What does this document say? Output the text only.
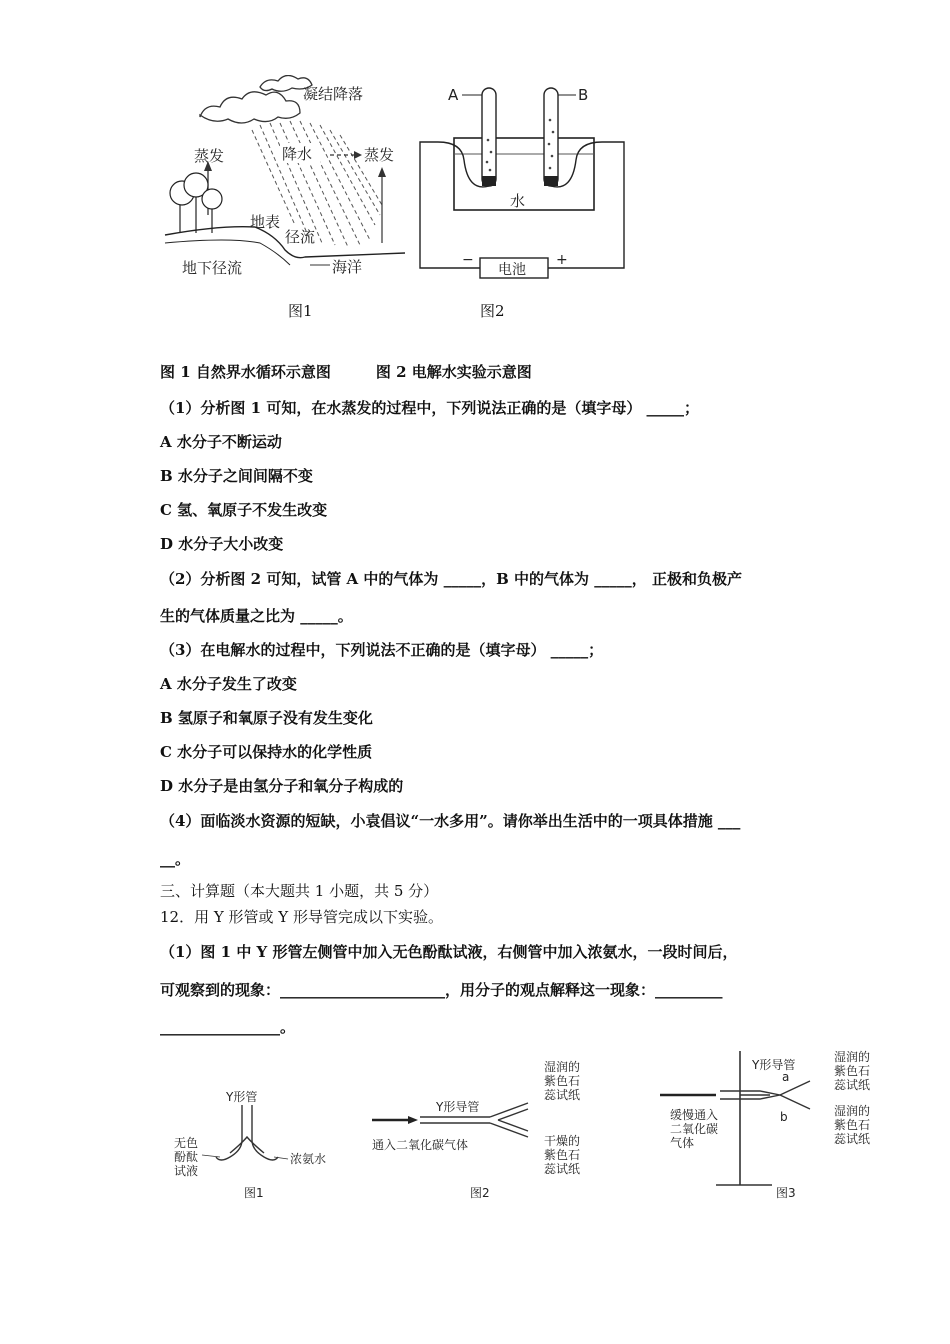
凝结降落
降水
蒸发	蒸发
地表
径流
地下径流	海洋
图1
水
A	B
电池
−	+
图2
图 1 自然界水循环示意图　　　图 2 电解水实验示意图
（1）分析图 1 可知，在水蒸发的过程中，下列说法正确的是（填字母） _____；
A 水分子不断运动
B 水分子之间间隔不变
C 氢、氧原子不发生改变
D 水分子大小改变
（2）分析图 2 可知，试管 A 中的气体为 _____，B 中的气体为 _____， 正极和负极产
生的气体质量之比为 _____。
（3）在电解水的过程中，下列说法不正确的是（填字母） _____；
A 水分子发生了改变
B 氢原子和氧原子没有发生变化
C 水分子可以保持水的化学性质
D 水分子是由氢分子和氧分子构成的
（4）面临淡水资源的短缺，小袁倡议“一水多用”。请你举出生活中的一项具体措施 ___
__。
三、计算题（本大题共 1 小题，共 5 分）
12．用 Y 形管或 Y 形导管完成以下实验。
（1）图 1 中 Y 形管左侧管中加入无色酚酞试液，右侧管中加入浓氨水，一段时间后，
可观察到的现象：______________________，用分子的观点解释这一现象：_________
________________。
Y形管
无色
酚酞
试液
浓氨水
图1
Y形导管
通入二氧化碳气体
湿润的
紫色石
蕊试纸
干燥的
紫色石
蕊试纸
图2
Y形导管
a
b
缓慢通入
二氧化碳
气体
湿润的
紫色石
蕊试纸
湿润的
紫色石
蕊试纸
图3
